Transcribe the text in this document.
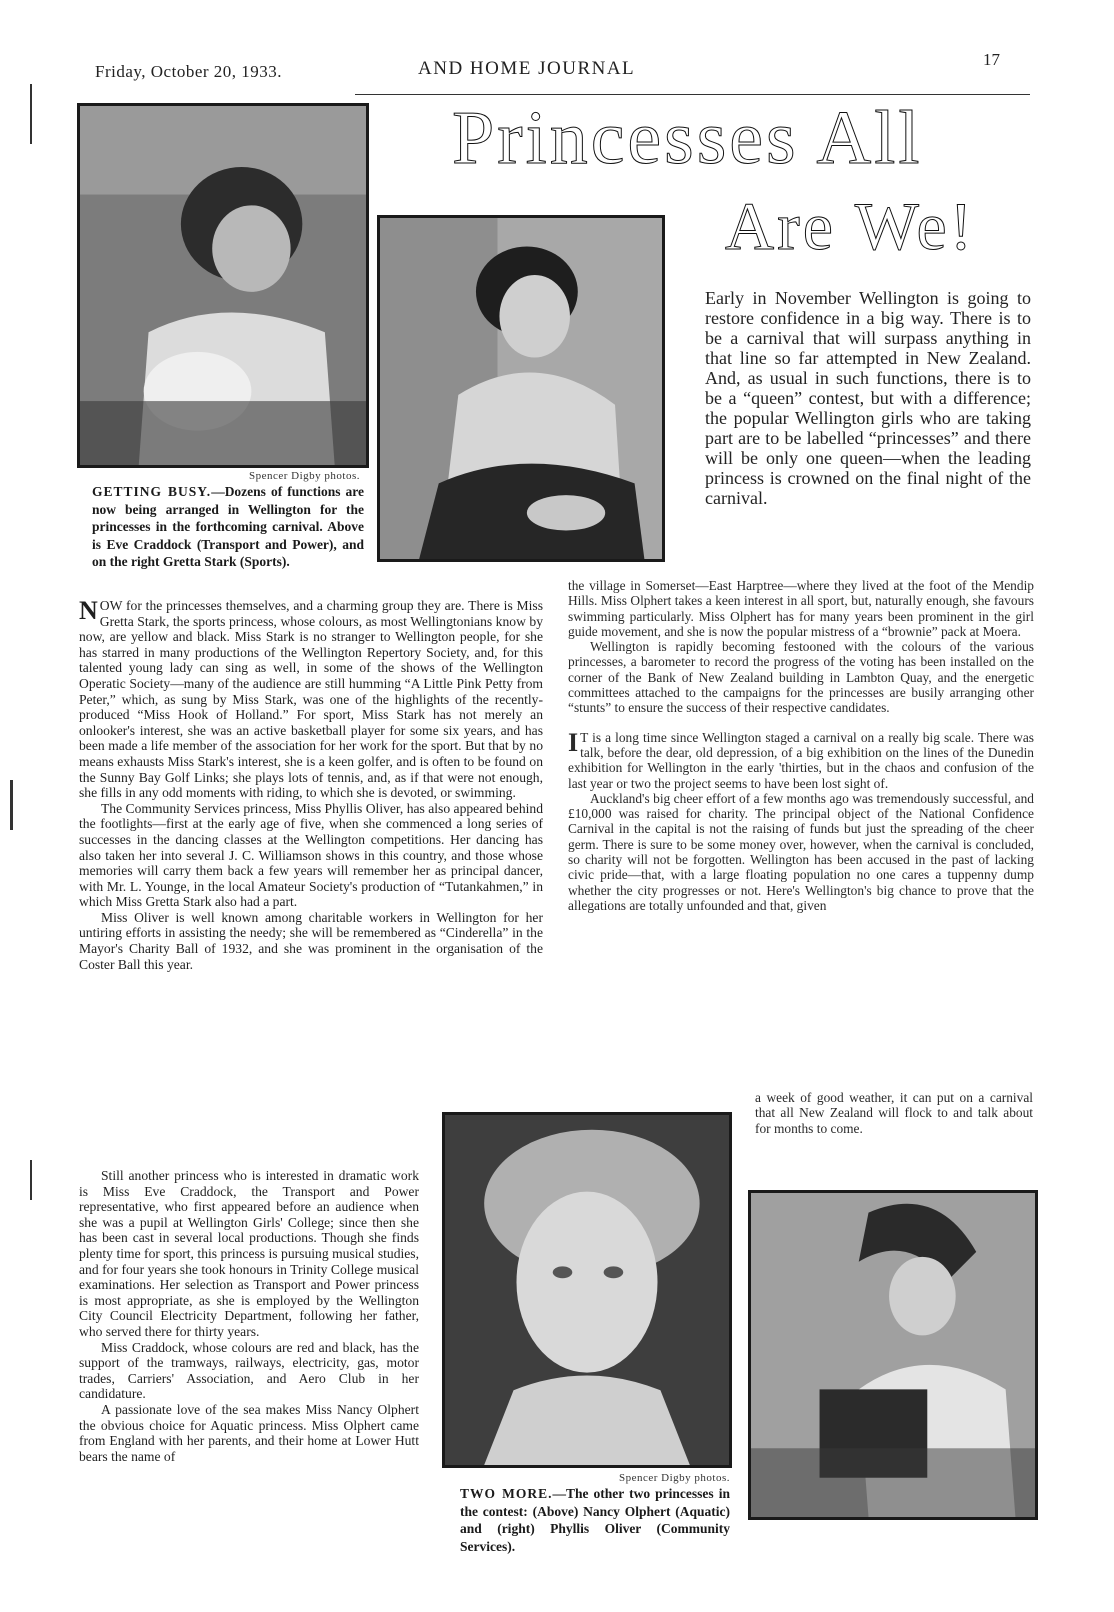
Friday, October 20, 1933.	AND HOME JOURNAL	17
Princesses All
Are We!
Spencer Digby photos.
GETTING BUSY.—Dozens of functions are now being arranged in Wellington for the princesses in the forthcoming carnival. Above is Eve Craddock (Transport and Power), and on the right Gretta Stark (Sports).
Early in November Wellington is going to restore confidence in a big way. There is to be a carnival that will surpass anything in that line so far attempted in New Zealand. And, as usual in such functions, there is to be a “queen” contest, but with a difference; the popular Wellington girls who are taking part are to be labelled “princesses” and there will be only one queen—when the leading princess is crowned on the final night of the carnival.

NOW for the princesses themselves, and a charming group they are. There is Miss Gretta Stark, the sports princess, whose colours, as most Wellingtonians know by now, are yellow and black. Miss Stark is no stranger to Wellington people, for she has starred in many productions of the Wellington Repertory Society, and, for this talented young lady can sing as well, in some of the shows of the Wellington Operatic Society—many of the audience are still humming “A Little Pink Petty from Peter,” which, as sung by Miss Stark, was one of the highlights of the recently-produced “Miss Hook of Holland.” For sport, Miss Stark has not merely an onlooker's interest, she was an active basketball player for some six years, and has been made a life member of the association for her work for the sport. But that by no means exhausts Miss Stark's interest, she is a keen golfer, and is often to be found on the Sunny Bay Golf Links; she plays lots of tennis, and, as if that were not enough, she fills in any odd moments with riding, to which she is devoted, or swimming.

The Community Services princess, Miss Phyllis Oliver, has also appeared behind the footlights—first at the early age of five, when she commenced a long series of successes in the dancing classes at the Wellington competitions. Her dancing has also taken her into several J. C. Williamson shows in this country, and those whose memories will carry them back a few years will remember her as principal dancer, with Mr. L. Younge, in the local Amateur Society's production of “Tutankahmen,” in which Miss Gretta Stark also had a part.

Miss Oliver is well known among charitable workers in Wellington for her untiring efforts in assisting the needy; she will be remembered as “Cinderella” in the Mayor's Charity Ball of 1932, and she was prominent in the organisation of the Coster Ball this year.

Still another princess who is interested in dramatic work is Miss Eve Craddock, the Transport and Power representative, who first appeared before an audience when she was a pupil at Wellington Girls' College; since then she has been cast in several local productions. Though she finds plenty time for sport, this princess is pursuing musical studies, and for four years she took honours in Trinity College musical examinations. Her selection as Transport and Power princess is most appropriate, as she is employed by the Wellington City Council Electricity Department, following her father, who served there for thirty years.

Miss Craddock, whose colours are red and black, has the support of the tramways, railways, electricity, gas, motor trades, Carriers' Association, and Aero Club in her candidature.

A passionate love of the sea makes Miss Nancy Olphert the obvious choice for Aquatic princess. Miss Olphert came from England with her parents, and their home at Lower Hutt bears the name of

the village in Somerset—East Harptree—where they lived at the foot of the Mendip Hills. Miss Olphert takes a keen interest in all sport, but, naturally enough, she favours swimming particularly. Miss Olphert has for many years been prominent in the girl guide movement, and she is now the popular mistress of a “brownie” pack at Moera.

Wellington is rapidly becoming festooned with the colours of the various princesses, a barometer to record the progress of the voting has been installed on the corner of the Bank of New Zealand building in Lambton Quay, and the energetic committees attached to the campaigns for the princesses are busily arranging other “stunts” to ensure the success of their respective candidates.

I T is a long time since Wellington staged a carnival on a really big scale. There was talk, before the dear, old depression, of a big exhibition on the lines of the Dunedin exhibition for Wellington in the early 'thirties, but in the chaos and confusion of the last year or two the project seems to have been lost sight of.

Auckland's big cheer effort of a few months ago was tremendously successful, and £10,000 was raised for charity. The principal object of the National Confidence Carnival in the capital is not the raising of funds but just the spreading of the cheer germ. There is sure to be some money over, however, when the carnival is concluded, so charity will not be forgotten. Wellington has been accused in the past of lacking civic pride—that, with a large floating population no one cares a tuppenny dump whether the city progresses or not. Here's Wellington's big chance to prove that the allegations are totally unfounded and that, given

a week of good weather, it can put on a carnival that all New Zealand will flock to and talk about for months to come.
Spencer Digby photos.
TWO MORE.—The other two princesses in the contest: (Above) Nancy Olphert (Aquatic) and (right) Phyllis Oliver (Community Services).
